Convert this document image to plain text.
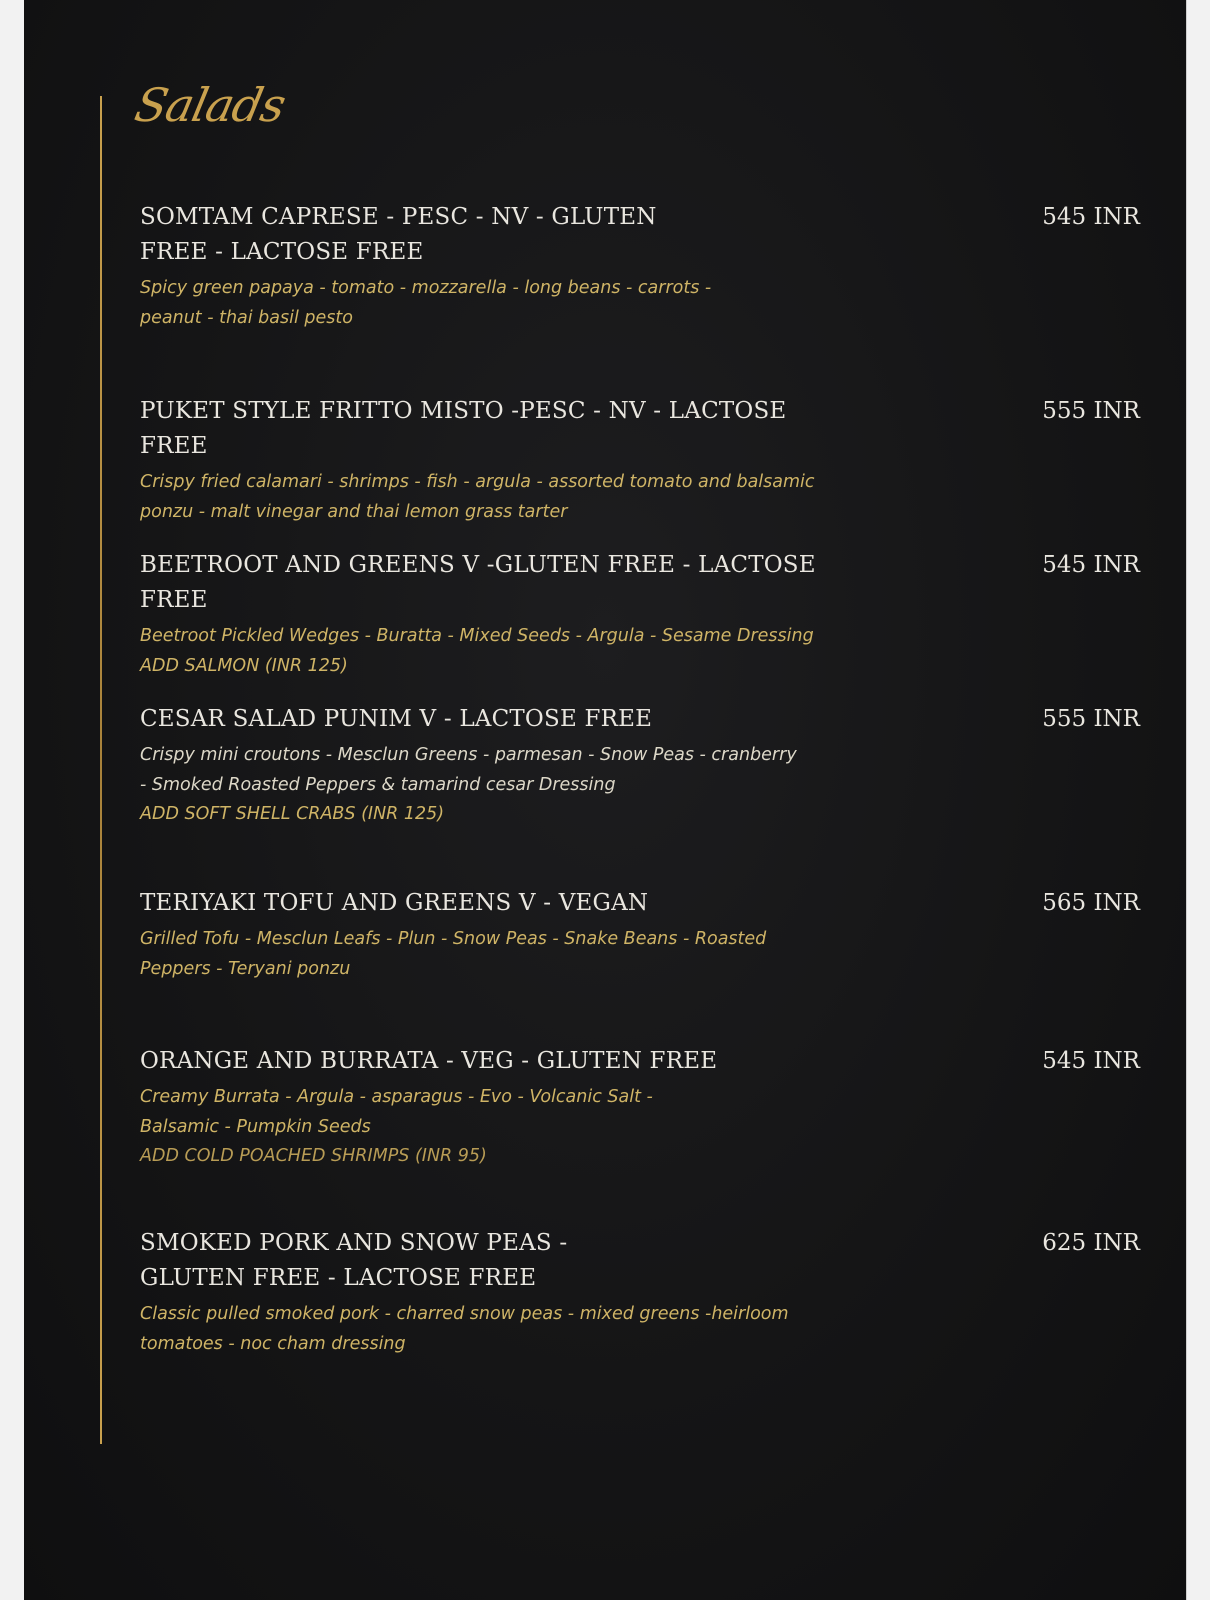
Salads
SOMTAM CAPRESE - PESC - NV - GLUTEN FREE - LACTOSE FREE
545 INR
Spicy green papaya - tomato - mozzarella - long beans - carrots - peanut - thai basil pesto
PUKET STYLE FRITTO MISTO -PESC - NV - LACTOSE FREE
555 INR
Crispy fried calamari - shrimps - fish - argula - assorted tomato and balsamic ponzu - malt vinegar and thai lemon grass tarter
BEETROOT AND GREENS V -GLUTEN FREE - LACTOSE FREE
545 INR
Beetroot Pickled Wedges - Buratta - Mixed Seeds - Argula - Sesame Dressing
ADD SALMON (INR 125)
CESAR SALAD PUNIM V - LACTOSE FREE	555 INR
Crispy mini croutons - Mesclun Greens - parmesan - Snow Peas - cranberry - Smoked Roasted Peppers & tamarind cesar Dressing
ADD SOFT SHELL CRABS (INR 125)
TERIYAKI TOFU AND GREENS V - VEGAN	565 INR
Grilled Tofu - Mesclun Leafs - Plun - Snow Peas - Snake Beans - Roasted Peppers - Teryani ponzu
ORANGE AND BURRATA - VEG - GLUTEN FREE	545 INR
Creamy Burrata - Argula - asparagus - Evo - Volcanic Salt - Balsamic - Pumpkin Seeds
ADD COLD POACHED SHRIMPS (INR 95)
SMOKED PORK AND SNOW PEAS - GLUTEN FREE - LACTOSE FREE
625 INR
Classic pulled smoked pork - charred snow peas - mixed greens -heirloom tomatoes - noc cham dressing
